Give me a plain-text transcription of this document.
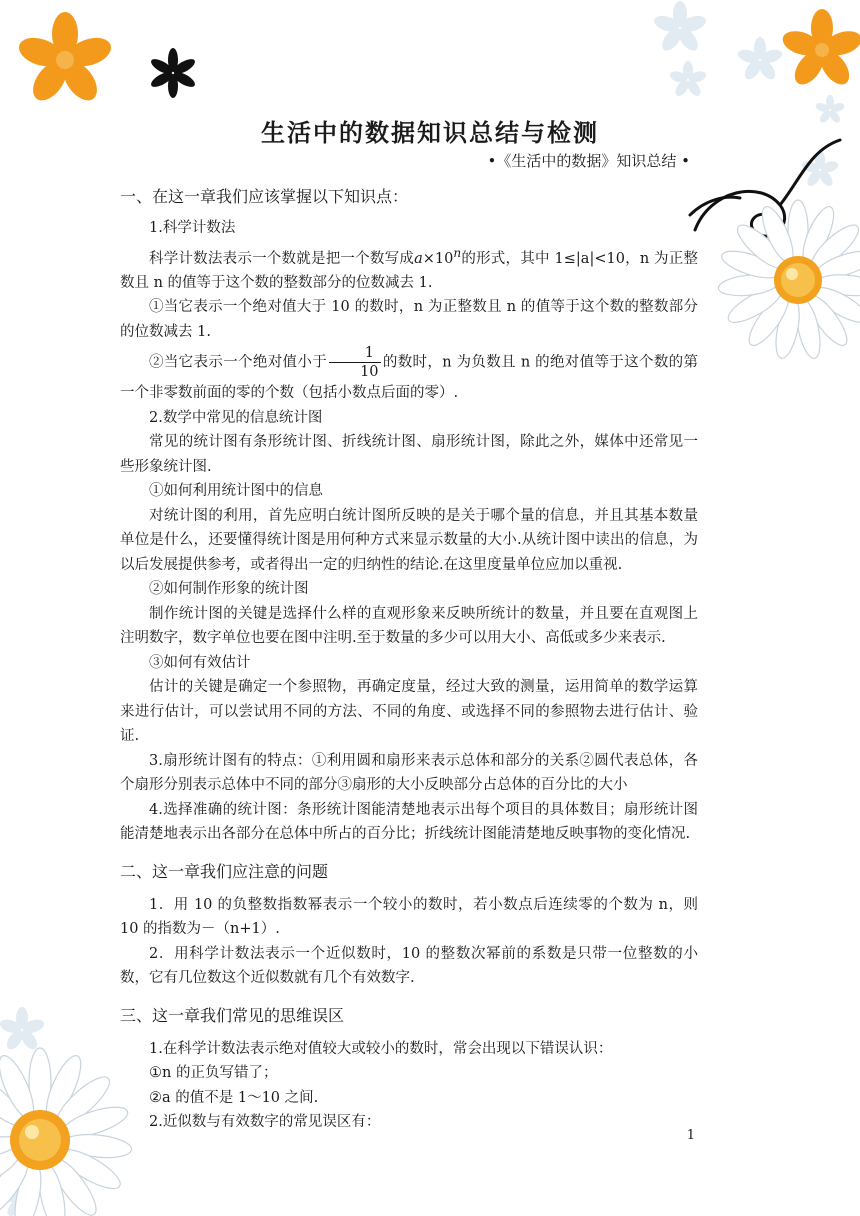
生活中的数据知识总结与检测
•《生活中的数据》知识总结 •
一、在这一章我们应该掌握以下知识点：

1.科学计数法

科学计数法表示一个数就是把一个数写成$a\times 10^n$的形式，其中 1≤|a|<10，n 为正整数且 n 的值等于这个数的整数部分的位数减去 1.

①当它表示一个绝对值大于 10 的数时，n 为正整数且 n 的值等于这个数的整数部分的位数减去 1.

②当它表示一个绝对值小于 $\frac{1}{10}$ 的数时，n 为负数且 n 的绝对值等于这个数的第一个非零数前面的零的个数（包括小数点后面的零）.

2.数学中常见的信息统计图

常见的统计图有条形统计图、折线统计图、扇形统计图，除此之外，媒体中还常见一些形象统计图.

①如何利用统计图中的信息

对统计图的利用，首先应明白统计图所反映的是关于哪个量的信息，并且其基本数量单位是什么，还要懂得统计图是用何种方式来显示数量的大小.从统计图中读出的信息，为以后发展提供参考，或者得出一定的归纳性的结论.在这里度量单位应加以重视.

②如何制作形象的统计图

制作统计图的关键是选择什么样的直观形象来反映所统计的数量，并且要在直观图上注明数字，数字单位也要在图中注明.至于数量的多少可以用大小、高低或多少来表示.

③如何有效估计

估计的关键是确定一个参照物，再确定度量，经过大致的测量，运用简单的数学运算来进行估计，可以尝试用不同的方法、不同的角度、或选择不同的参照物去进行估计、验证.

3.扇形统计图有的特点：①利用圆和扇形来表示总体和部分的关系②圆代表总体，各个扇形分别表示总体中不同的部分③扇形的大小反映部分占总体的百分比的大小

4.选择准确的统计图：条形统计图能清楚地表示出每个项目的具体数目；扇形统计图能清楚地表示出各部分在总体中所占的百分比；折线统计图能清楚地反映事物的变化情况.

二、这一章我们应注意的问题

1．用 10 的负整数指数幂表示一个较小的数时，若小数点后连续零的个数为 n，则 10 的指数为－（n+1）.

2．用科学计数法表示一个近似数时，10 的整数次幂前的系数是只带一位整数的小数，它有几位数这个近似数就有几个有效数字.

三、这一章我们常见的思维误区

1.在科学计数法表示绝对值较大或较小的数时，常会出现以下错误认识：

①n 的正负写错了；

②a 的值不是 1～10 之间.

2.近似数与有效数字的常见误区有：

1
